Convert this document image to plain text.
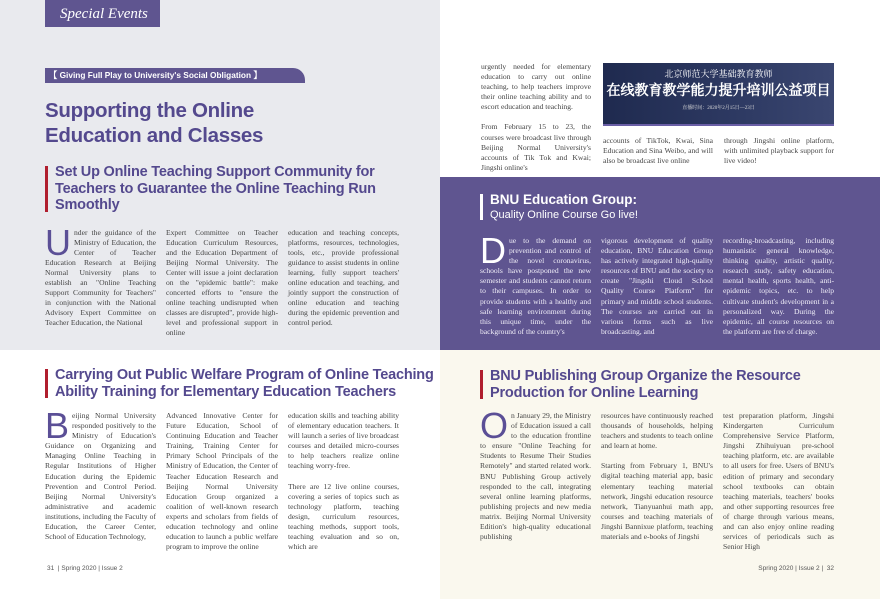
Special Events
【 Giving Full Play to University's Social Obligation 】
Supporting the Online Education and Classes
Set Up Online Teaching Support Community for Teachers to Guarantee the Online Teaching Run Smoothly
Under the guidance of the Ministry of Education, the Center of Teacher Education Research at Beijing Normal University plans to establish an "Online Teaching Support Community for Teachers" in conjunction with the National Advisory Expert Committee on Teacher Education, the National
Expert Committee on Teacher Education Curriculum Resources, and the Education Department of Beijing Normal University. The Center will issue a joint declaration on the "epidemic battle": make concerted efforts to "ensure the online teaching undisrupted when classes are disrupted", provide high-level and professional support in online
education and teaching concepts, platforms, resources, technologies, tools, etc., provide professional guidance to assist students in online learning, fully support teachers' online education and teaching, and jointly support the construction of online education and teaching during the epidemic prevention and control period.

urgently needed for elementary education to carry out online teaching, to help teachers improve their online teaching ability and to escort education and teaching.

From February 15 to 23, the courses were broadcast live through Beijing Normal University's accounts of Tik Tok and Kwai; Jingshi online's

北京师范大学基础教育教师
在线教育教学能力提升培训公益项目
直播时间：2020年2月15日—23日
accounts of TikTok, Kwai, Sina Education and Sina Weibo, and will also be broadcast live online
through Jingshi online platform, with unlimited playback support for live video!
BNU Education Group:
Quality Online Course Go live!
Due to the demand on prevention and control of the novel coronavirus, schools have postponed the new semester and students cannot return to their campuses. In order to provide students with a healthy and safe learning environment during this unique time, under the background of the country's
vigorous development of quality education, BNU Education Group has actively integrated high-quality resources of BNU and the society to create "Jingshi Cloud School Quality Course Platform" for primary and middle school students. The courses are carried out in various forms such as live broadcasting, and
recording-broadcasting, including humanistic general knowledge, thinking quality, artistic quality, research study, safety education, mental health, sports health, anti-epidemic topics, etc. to help cultivate student's development in a personalized way. During the epidemic, all course resources on the platform are free of charge.
Carrying Out Public Welfare Program of Online Teaching Ability Training for Elementary Education Teachers
Beijing Normal University responded positively to the Ministry of Education's Guidance on Organizing and Managing Online Teaching in Regular Institutions of Higher Education during the Epidemic Prevention and Control Period. Beijing Normal University's administrative and academic institutions, including the Faculty of Education, the Career Center, School of Education Technology,
Advanced Innovative Center for Future Education, School of Continuing Education and Teacher Training, Training Center for Primary School Principals of the Ministry of Education, the Center of Teacher Education Research and Beijing Normal University Education Group organized a coalition of well-known research experts and scholars from fields of education technology and online education to launch a public welfare program to improve the online

education skills and teaching ability of elementary education teachers. It will launch a series of live broadcast courses and detailed micro-courses to help teachers realize online teaching worry-free.

There are 12 live online courses, covering a series of topics such as technology platform, teaching design, curriculum resources, teaching methods, support tools, teaching evaluation and so on, which are

BNU Publishing Group Organize the Resource Production for Online Learning
On January 29, the Ministry of Education issued a call to the education frontline to ensure "Online Teaching for Students to Resume Their Studies Remotely" and started related work. BNU Publishing Group actively responded to the call, integrating several online learning platforms, publishing projects and new media matrix. Beijing Normal University Edition's high-quality educational publishing

resources have continuously reached thousands of households, helping teachers and students to teach online and learn at home.

Starting from February 1, BNU's digital teaching material app, basic elementary teaching material network, Jingshi education resource network, Tianyuanhui math app, courses and teaching materials of Jingshi Bannixue platform, teaching materials and e-books of Jingshi

test preparation platform, Jingshi Kindergarten Curriculum Comprehensive Service Platform, Jingshi Zhihuiyuan pre-school teaching platform, etc. are available to all users for free. Users of BNU's edition of primary and secondary school textbooks can obtain teaching materials, teachers' books and other supporting resources free of charge through various means, and can also enjoy online reading services of periodicals such as Senior High
31 | Spring 2020 | Issue 2	Spring 2020 | Issue 2 | 32
